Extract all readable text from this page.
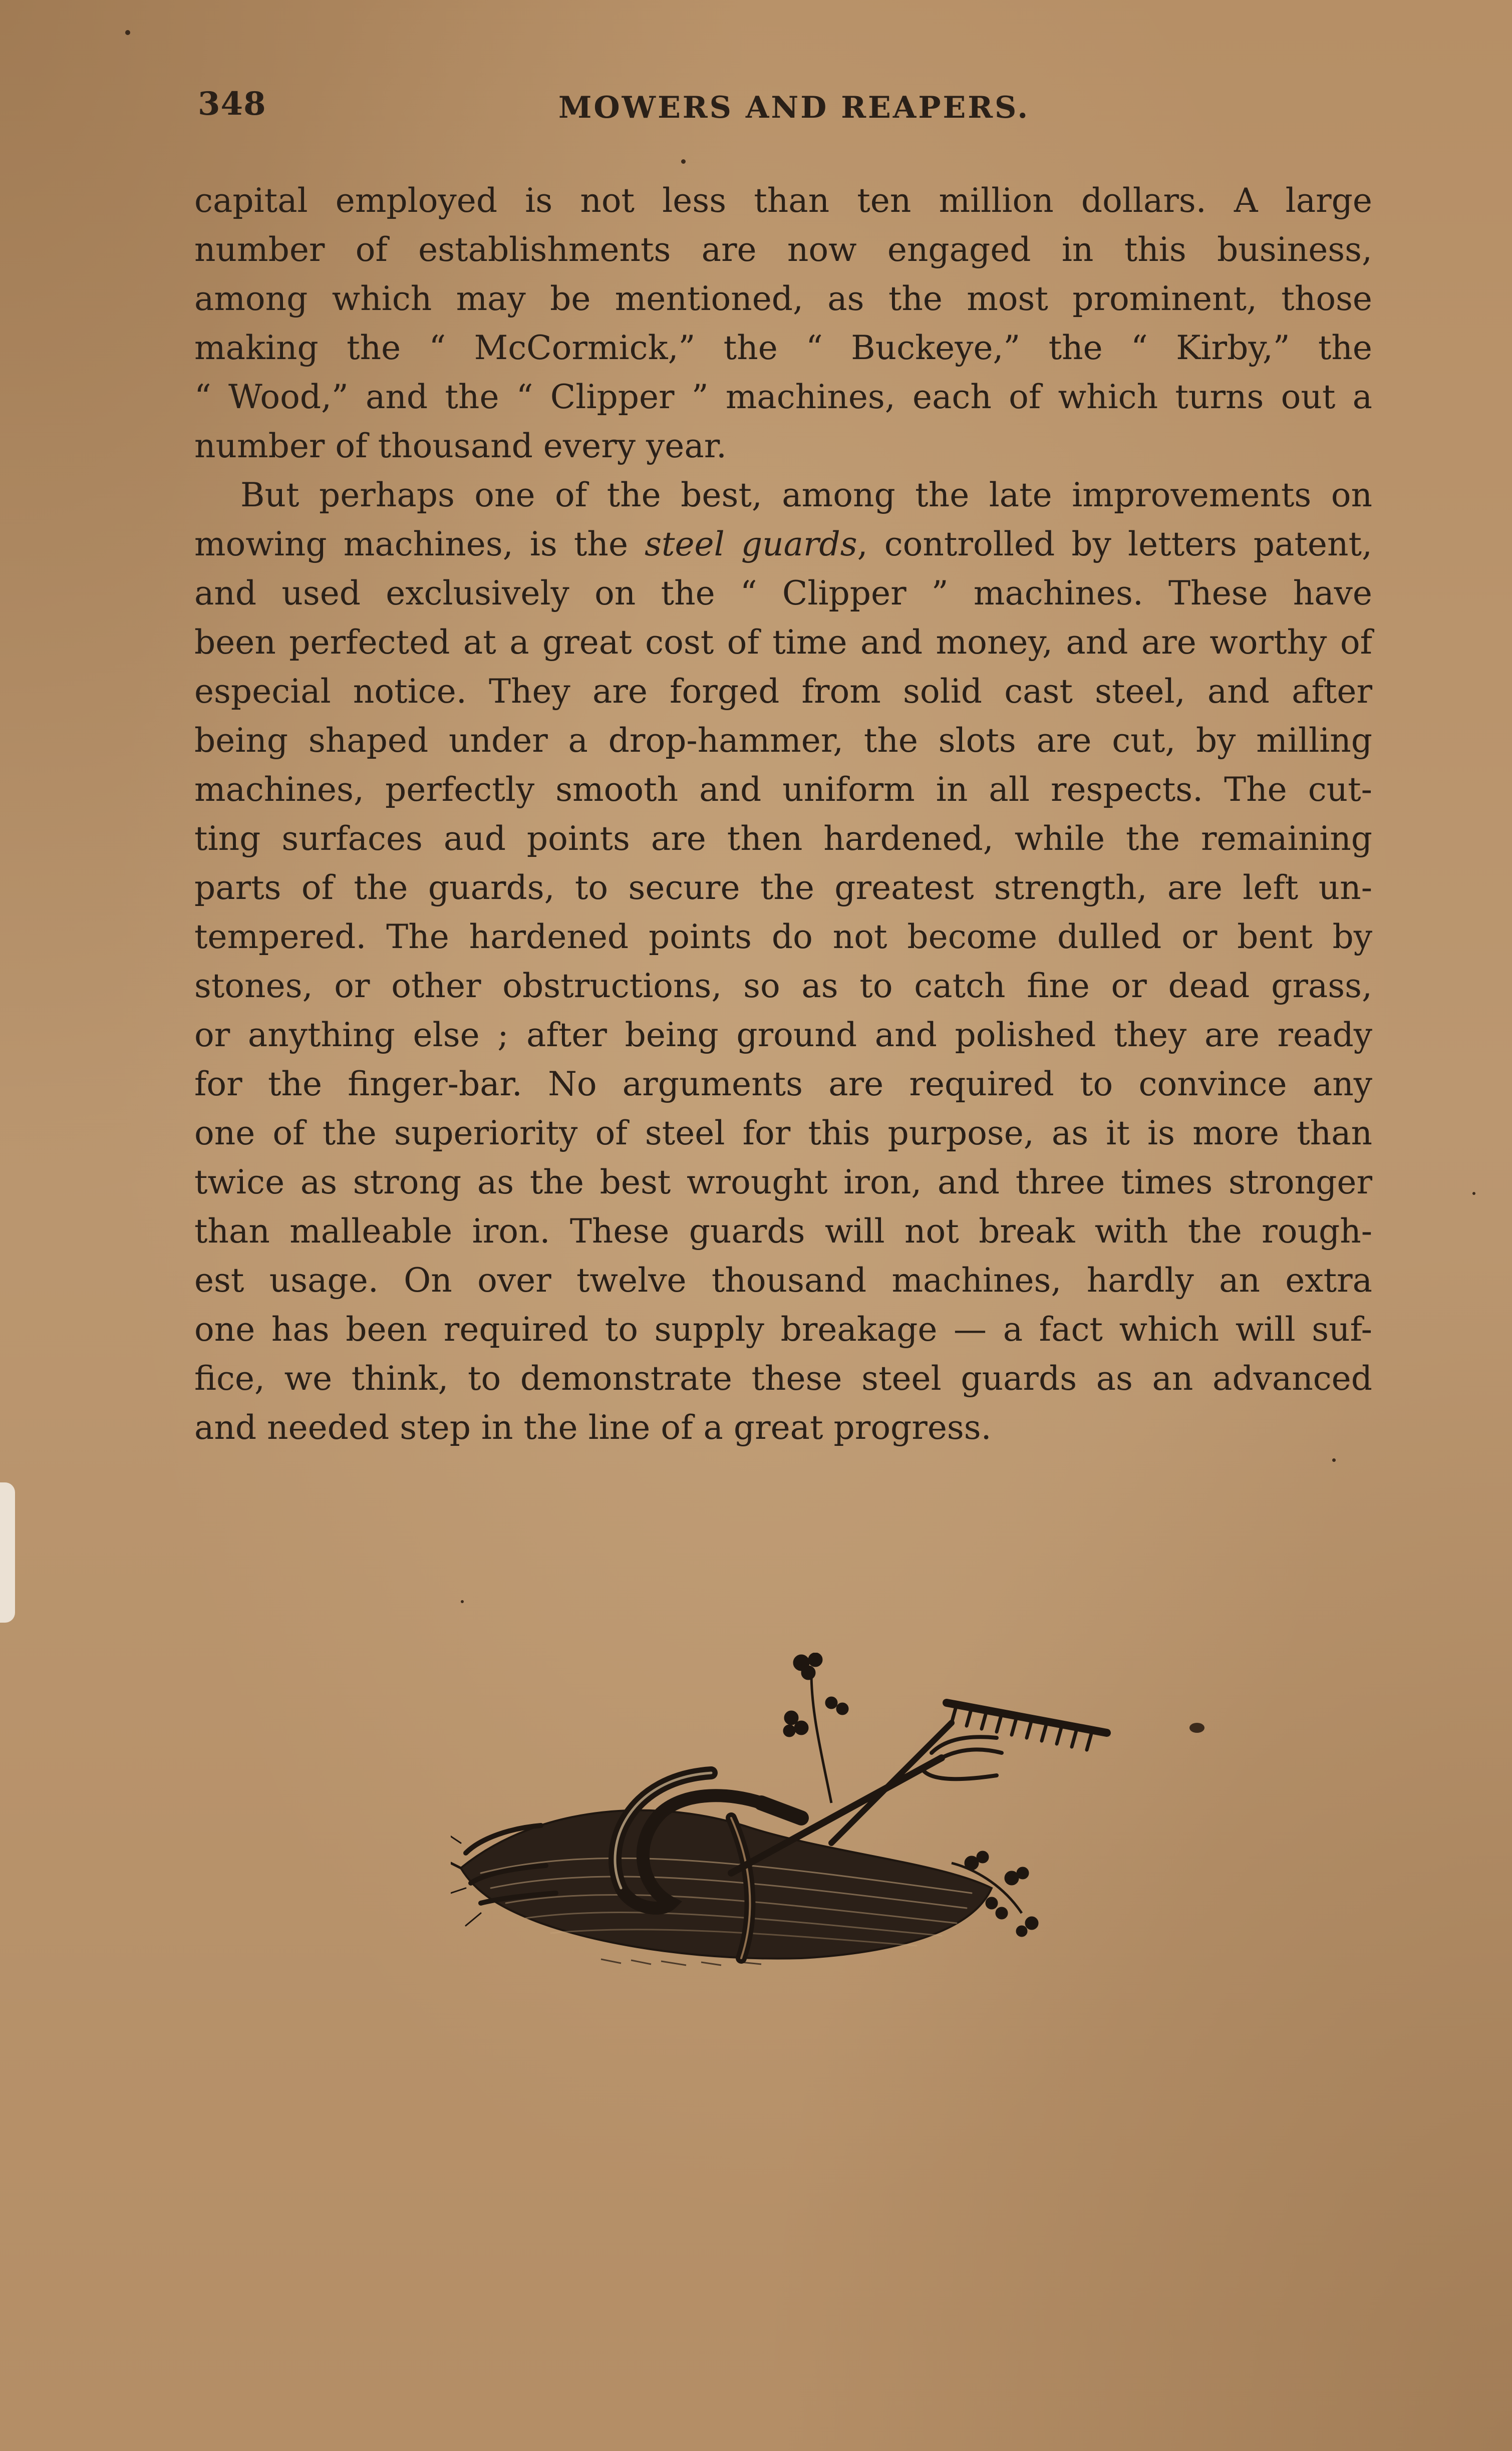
348	MOWERS AND REAPERS.
capital employed is not less than ten million dollars. A large
number of establishments are now engaged in this business,
among which may be mentioned, as the most prominent, those
making the “ McCormick,” the “ Buckeye,” the “ Kirby,” the
“ Wood,” and the “ Clipper ” machines, each of which turns out a
number of thousand every year.
But perhaps one of the best, among the late improvements on
mowing machines, is the steel guards, controlled by letters patent,
and used exclusively on the “ Clipper ” machines. These have
been perfected at a great cost of time and money, and are worthy of
especial notice. They are forged from solid cast steel, and after
being shaped under a drop-hammer, the slots are cut, by milling
machines, perfectly smooth and uniform in all respects. The cut-
ting surfaces aud points are then hardened, while the remaining
parts of the guards, to secure the greatest strength, are left un-
tempered. The hardened points do not become dulled or bent by
stones, or other obstructions, so as to catch fine or dead grass,
or anything else ; after being ground and polished they are ready
for the finger-bar. No arguments are required to convince any
one of the superiority of steel for this purpose, as it is more than
twice as strong as the best wrought iron, and three times stronger
than malleable iron. These guards will not break with the rough-
est usage. On over twelve thousand machines, hardly an extra
one has been required to supply breakage — a fact which will suf-
fice, we think, to demonstrate these steel guards as an advanced
and needed step in the line of a great progress.
